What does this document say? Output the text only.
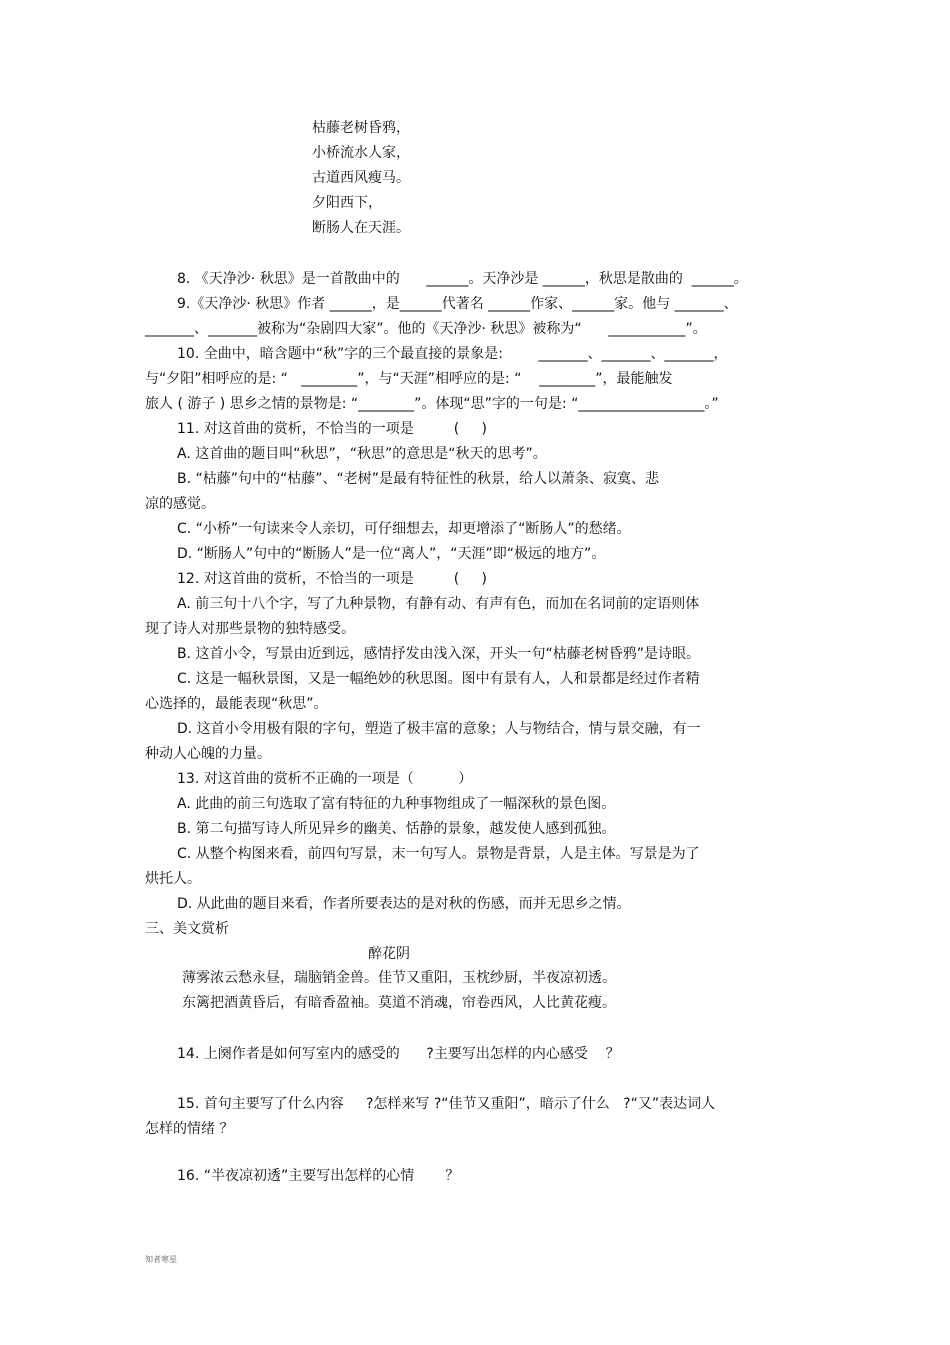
枯藤老树昏鸦，
小桥流水人家，
古道西风瘦马。
夕阳西下，
断肠人在天涯。
8. 《天净沙· 秋思》是一首散曲中的      ______。天净沙是 ______，秋思是散曲的  ______。
9.《天净沙· 秋思》作者 ______，是______代著名 ______作家、______家。他与 _______、
_______、_______被称为“杂剧四大家”。他的《天净沙· 秋思》被称为“      ___________”。
10. 全曲中，暗含题中“秋”字的三个最直接的景象是:        _______、_______、_______，
与“夕阳”相呼应的是: “   ________”，与“天涯”相呼应的是: “    ________”，最能触发
旅人 ( 游子 ) 思乡之情的景物是: “________”。体现“思”字的一句是: “__________________。”
11. 对这首曲的赏析，不恰当的一项是         (     )
A. 这首曲的题目叫“秋思”，“秋思”的意思是“秋天的思考”。
B. “枯藤”句中的“枯藤”、“老树”是最有特征性的秋景，给人以萧条、寂寞、悲
凉的感觉。
C. “小桥”一句读来令人亲切，可仔细想去，却更增添了“断肠人”的愁绪。
D. “断肠人”句中的“断肠人”是一位“离人”，“天涯”即“极远的地方”。
12. 对这首曲的赏析，不恰当的一项是         (     )
A. 前三句十八个字，写了九种景物，有静有动、有声有色，而加在名词前的定语则体
现了诗人对那些景物的独特感受。
B. 这首小令，写景由近到远，感情抒发由浅入深，开头一句“枯藤老树昏鸦”是诗眼。
C. 这是一幅秋景图，又是一幅绝妙的秋思图。图中有景有人，人和景都是经过作者精
心选择的，最能表现“秋思”。
D. 这首小令用极有限的字句，塑造了极丰富的意象；人与物结合，情与景交融，有一
种动人心魄的力量。
13. 对这首曲的赏析不正确的一项是（          ）
A. 此曲的前三句选取了富有特征的九种事物组成了一幅深秋的景色图。
B. 第二句描写诗人所见异乡的幽美、恬静的景象，越发使人感到孤独。
C. 从整个构图来看，前四句写景，末一句写人。景物是背景，人是主体。写景是为了
烘托人。
D. 从此曲的题目来看，作者所要表达的是对秋的伤感，而并无思乡之情。
三、美文赏析
醉花阴
薄雾浓云愁永昼，瑞脑销金兽。佳节又重阳，玉枕纱厨，半夜凉初透。
东篱把酒黄昏后，有暗香盈袖。莫道不消魂，帘卷西风，人比黄花瘦。
14. 上阕作者是如何写室内的感受的      ?主要写出怎样的内心感受    ？
15. 首句主要写了什么内容     ?怎样来写 ?“佳节又重阳”，暗示了什么   ?“又”表达词人
怎样的情绪 ？
16. “半夜凉初透”主要写出怎样的心情       ？
知者寒星
